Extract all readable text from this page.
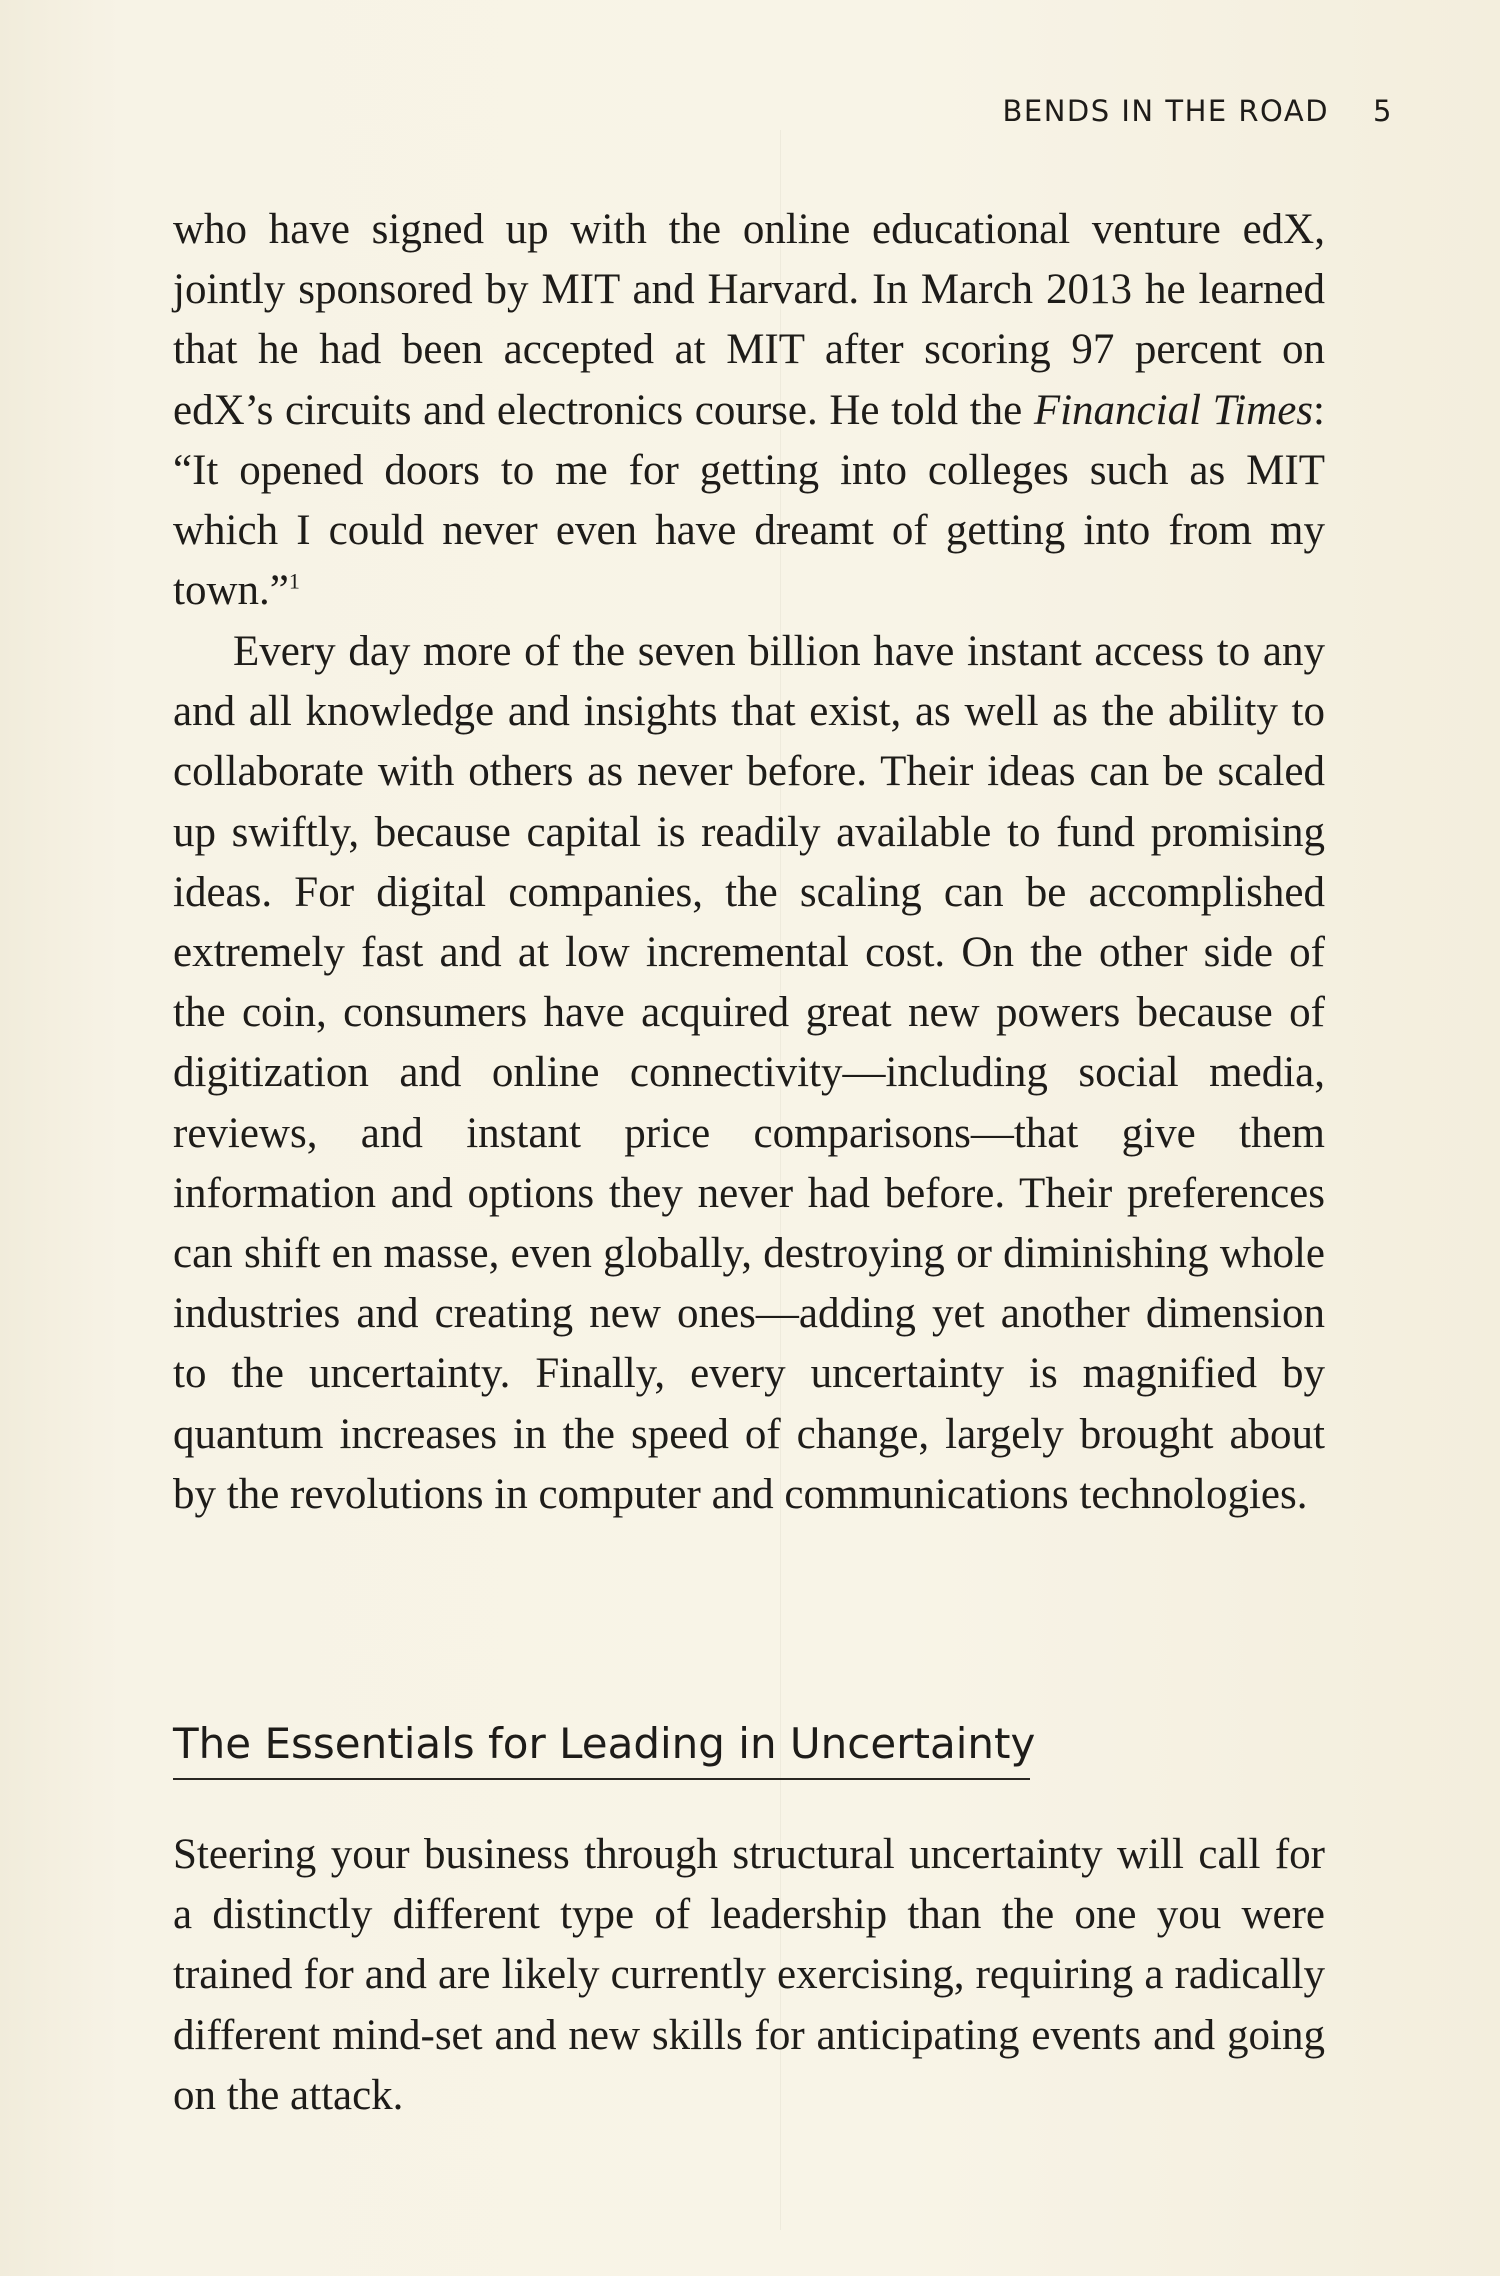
BENDS IN THE ROAD 5

who have signed up with the online educational venture edX, jointly sponsored by MIT and Harvard. In March 2013 he learned that he had been accepted at MIT after scoring 97 percent on edX’s circuits and electronics course. He told the Financial Times: “It opened doors to me for getting into colleges such as MIT which I could never even have dreamt of getting into from my town.”$^1$

Every day more of the seven billion have instant access to any and all knowledge and insights that exist, as well as the ability to collaborate with others as never before. Their ideas can be scaled up swiftly, because capital is readily available to fund promising ideas. For digital companies, the scaling can be accomplished extremely fast and at low incremental cost. On the other side of the coin, consumers have acquired great new powers because of digitization and online connectivity—including social media, reviews, and instant price comparisons—that give them information and options they never had before. Their preferences can shift en masse, even globally, destroying or diminishing whole industries and creating new ones—adding yet another dimension to the uncertainty. Finally, every uncertainty is magnified by quantum increases in the speed of change, largely brought about by the revolutions in computer and communications technologies.

The Essentials for Leading in Uncertainty

Steering your business through structural uncertainty will call for a distinctly different type of leadership than the one you were trained for and are likely currently exercising, requiring a radically different mind-set and new skills for anticipating events and going on the attack.
